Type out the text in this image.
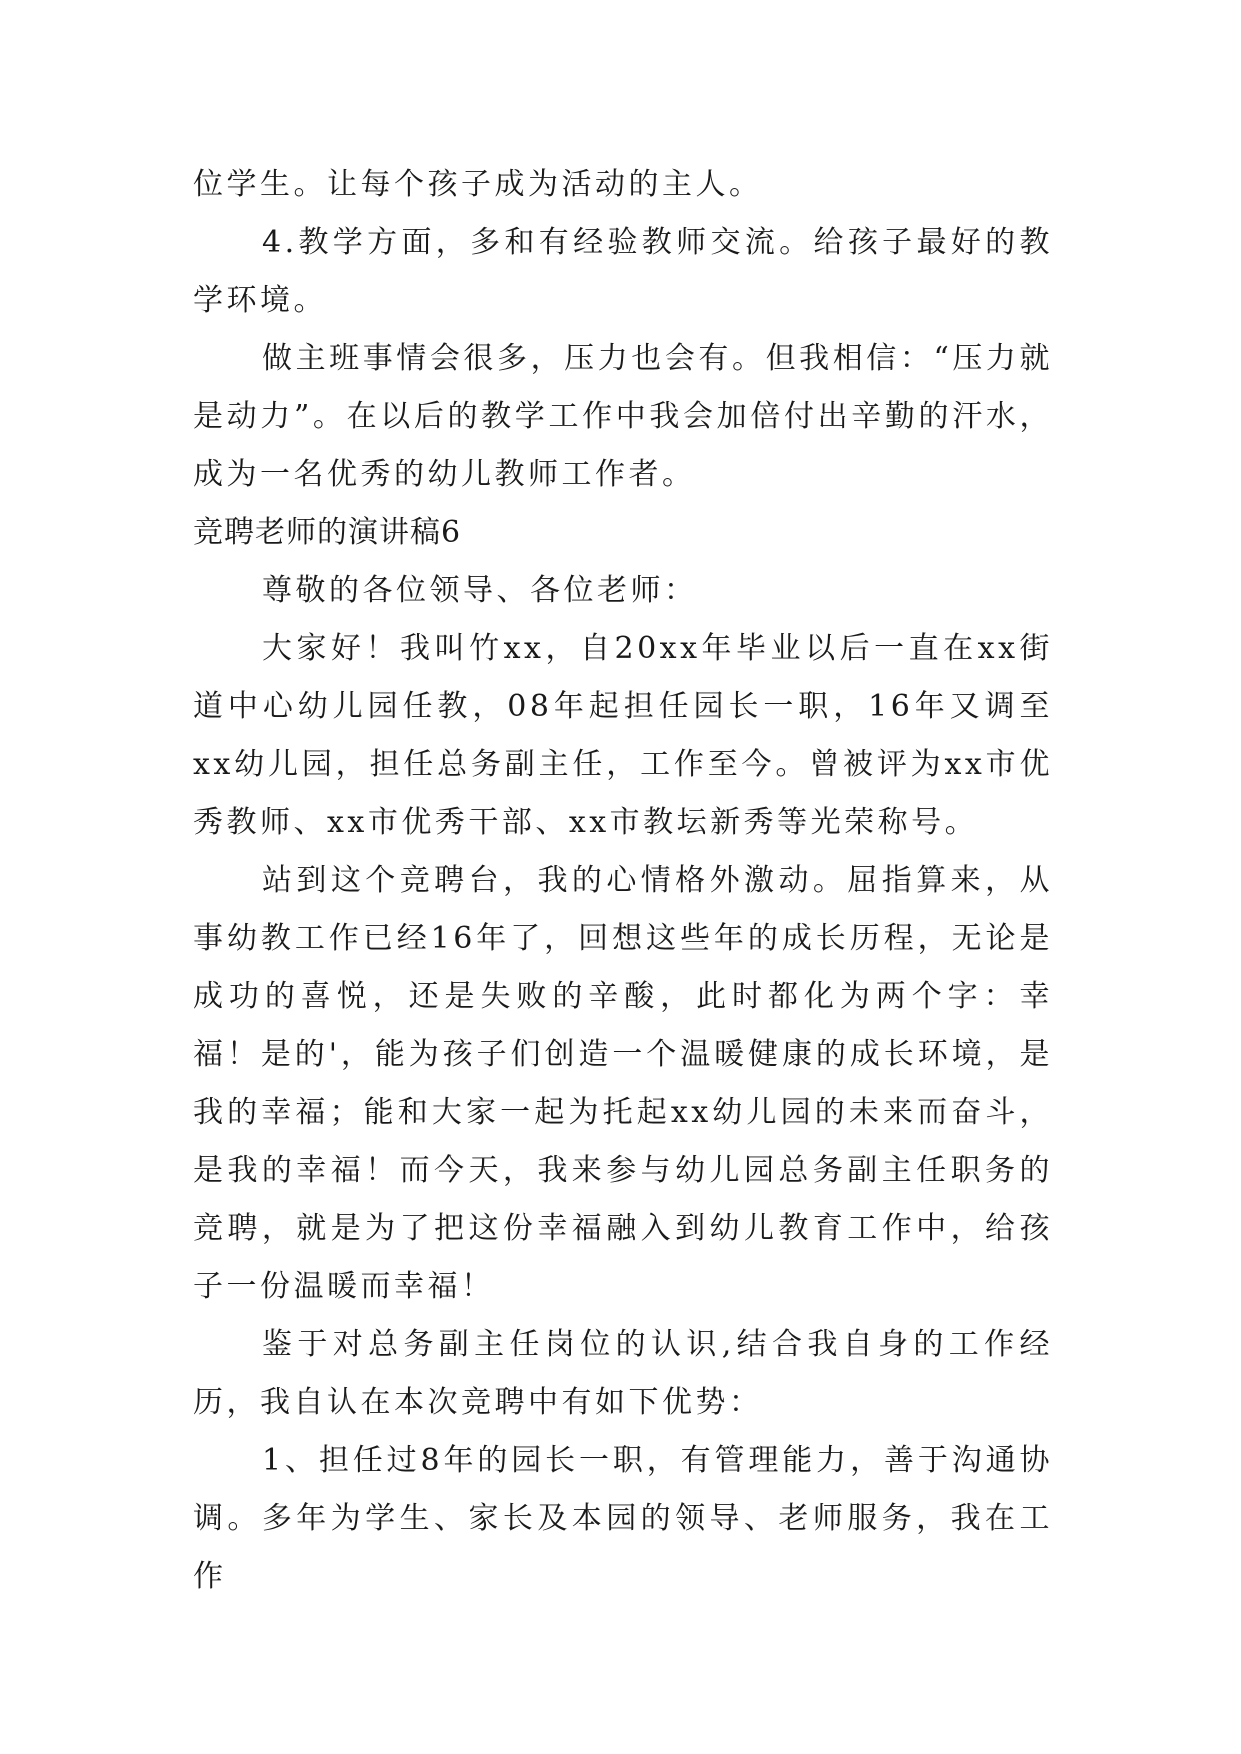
位学生。让每个孩子成为活动的主人。

4.教学方面，多和有经验教师交流。给孩子最好的教学环境。

做主班事情会很多，压力也会有。但我相信：“压力就是动力”。在以后的教学工作中我会加倍付出辛勤的汗水，成为一名优秀的幼儿教师工作者。

竞聘老师的演讲稿6

尊敬的各位领导、各位老师：

大家好！我叫竹xx，自20xx年毕业以后一直在xx街道中心幼儿园任教，08年起担任园长一职，16年又调至xx幼儿园，担任总务副主任，工作至今。曾被评为xx市优秀教师、xx市优秀干部、xx市教坛新秀等光荣称号。

站到这个竞聘台，我的心情格外激动。屈指算来，从事幼教工作已经16年了，回想这些年的成长历程，无论是成功的喜悦，还是失败的辛酸，此时都化为两个字：幸福！是的'，能为孩子们创造一个温暖健康的成长环境，是我的幸福；能和大家一起为托起xx幼儿园的未来而奋斗，是我的幸福！而今天，我来参与幼儿园总务副主任职务的竞聘，就是为了把这份幸福融入到幼儿教育工作中，给孩子一份温暖而幸福！

鉴于对总务副主任岗位的认识,结合我自身的工作经历，我自认在本次竞聘中有如下优势：

1、担任过8年的园长一职，有管理能力，善于沟通协调。多年为学生、家长及本园的领导、老师服务，我在工作
